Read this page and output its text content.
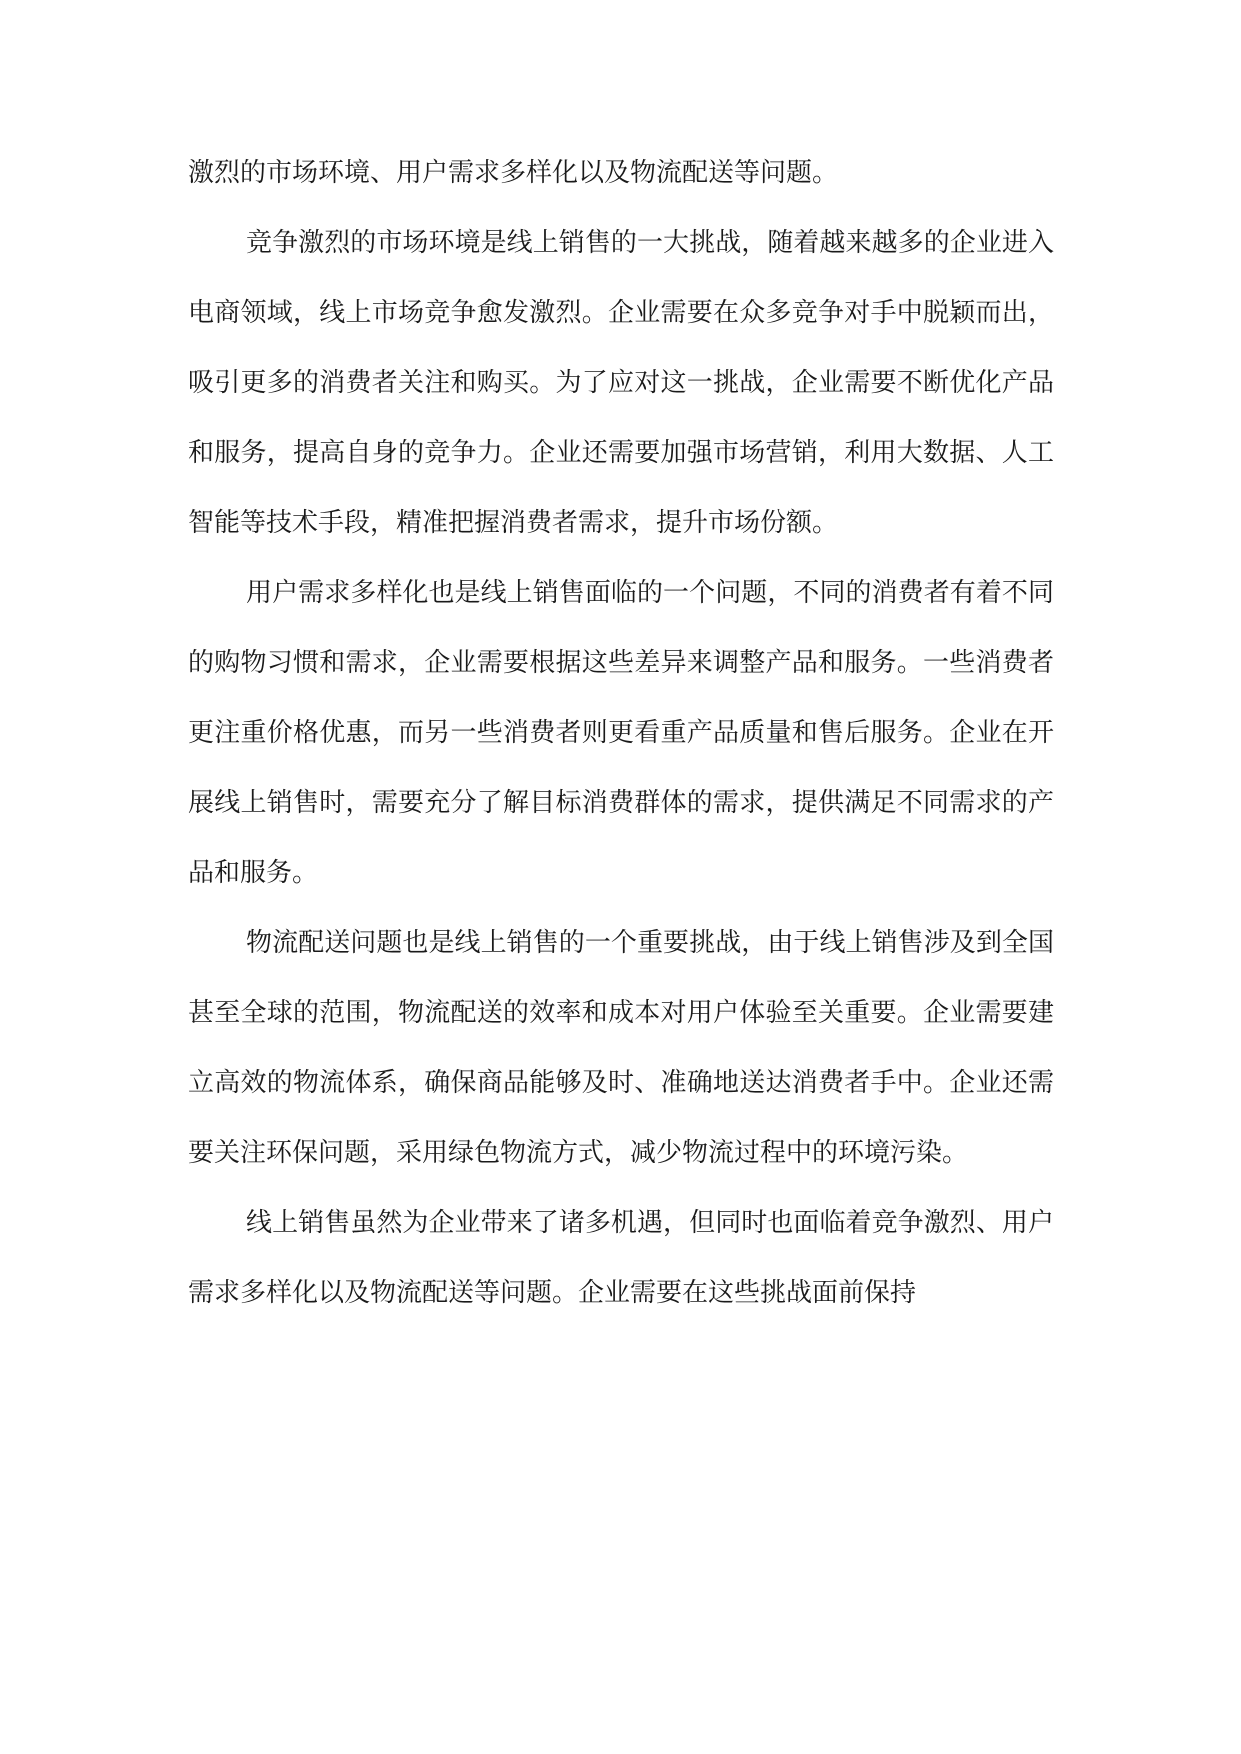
激烈的市场环境、用户需求多样化以及物流配送等问题。

竞争激烈的市场环境是线上销售的一大挑战，随着越来越多的企业进入电商领域，线上市场竞争愈发激烈。企业需要在众多竞争对手中脱颖而出，吸引更多的消费者关注和购买。为了应对这一挑战，企业需要不断优化产品和服务，提高自身的竞争力。企业还需要加强市场营销，利用大数据、人工智能等技术手段，精准把握消费者需求，提升市场份额。

用户需求多样化也是线上销售面临的一个问题，不同的消费者有着不同的购物习惯和需求，企业需要根据这些差异来调整产品和服务。一些消费者更注重价格优惠，而另一些消费者则更看重产品质量和售后服务。企业在开展线上销售时，需要充分了解目标消费群体的需求，提供满足不同需求的产品和服务。

物流配送问题也是线上销售的一个重要挑战，由于线上销售涉及到全国甚至全球的范围，物流配送的效率和成本对用户体验至关重要。企业需要建立高效的物流体系，确保商品能够及时、准确地送达消费者手中。企业还需要关注环保问题，采用绿色物流方式，减少物流过程中的环境污染。

线上销售虽然为企业带来了诸多机遇，但同时也面临着竞争激烈、用户需求多样化以及物流配送等问题。企业需要在这些挑战面前保持
